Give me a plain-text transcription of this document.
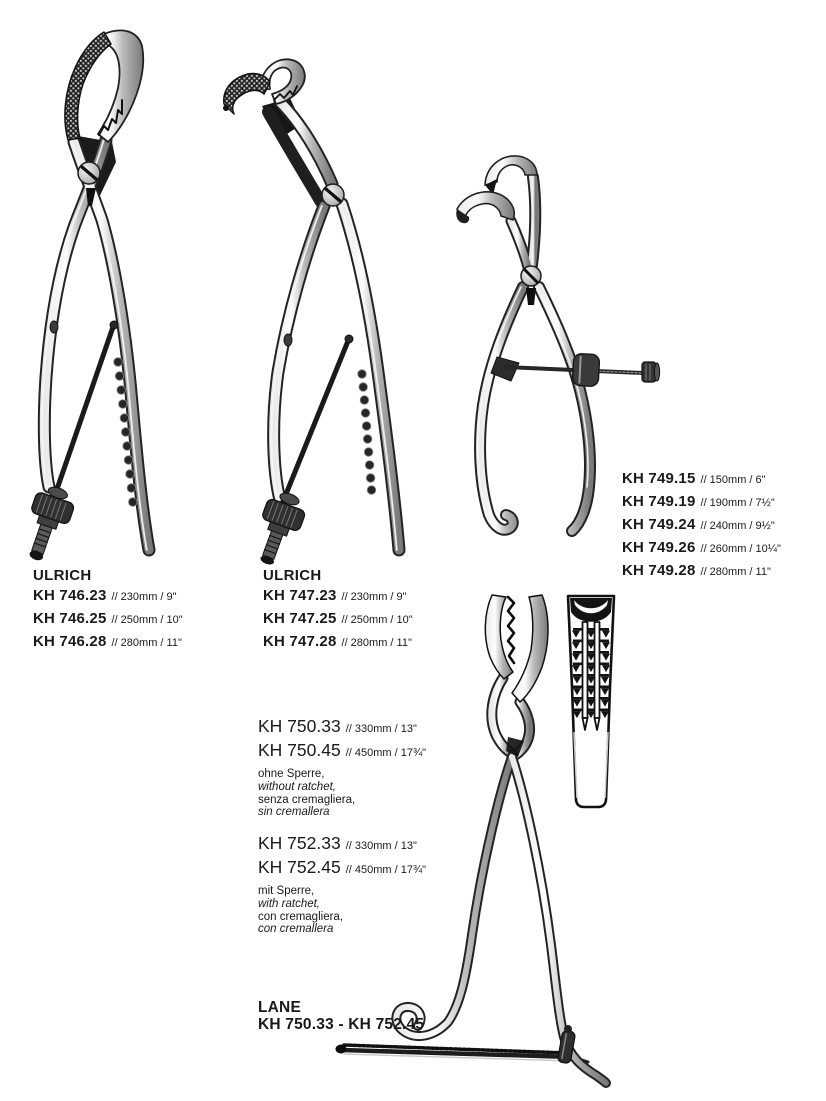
ULRICH
KH 746.23 // 230mm / 9"
KH 746.25 // 250mm / 10"
KH 746.28 // 280mm / 11"
ULRICH
KH 747.23 // 230mm / 9"
KH 747.25 // 250mm / 10"
KH 747.28 // 280mm / 11"
KH 749.15 // 150mm / 6"
KH 749.19 // 190mm / 7½"
KH 749.24 // 240mm / 9½"
KH 749.26 // 260mm / 10¼"
KH 749.28 // 280mm / 11"
KH 750.33 // 330mm / 13"
KH 750.45 // 450mm / 17¾"
ohne Sperre,
without ratchet,
senza cremagliera,
sin cremallera
KH 752.33 // 330mm / 13"
KH 752.45 // 450mm / 17¾"
mit Sperre,
with ratchet,
con cremagliera,
con cremallera
LANE
KH 750.33 - KH 752.45
